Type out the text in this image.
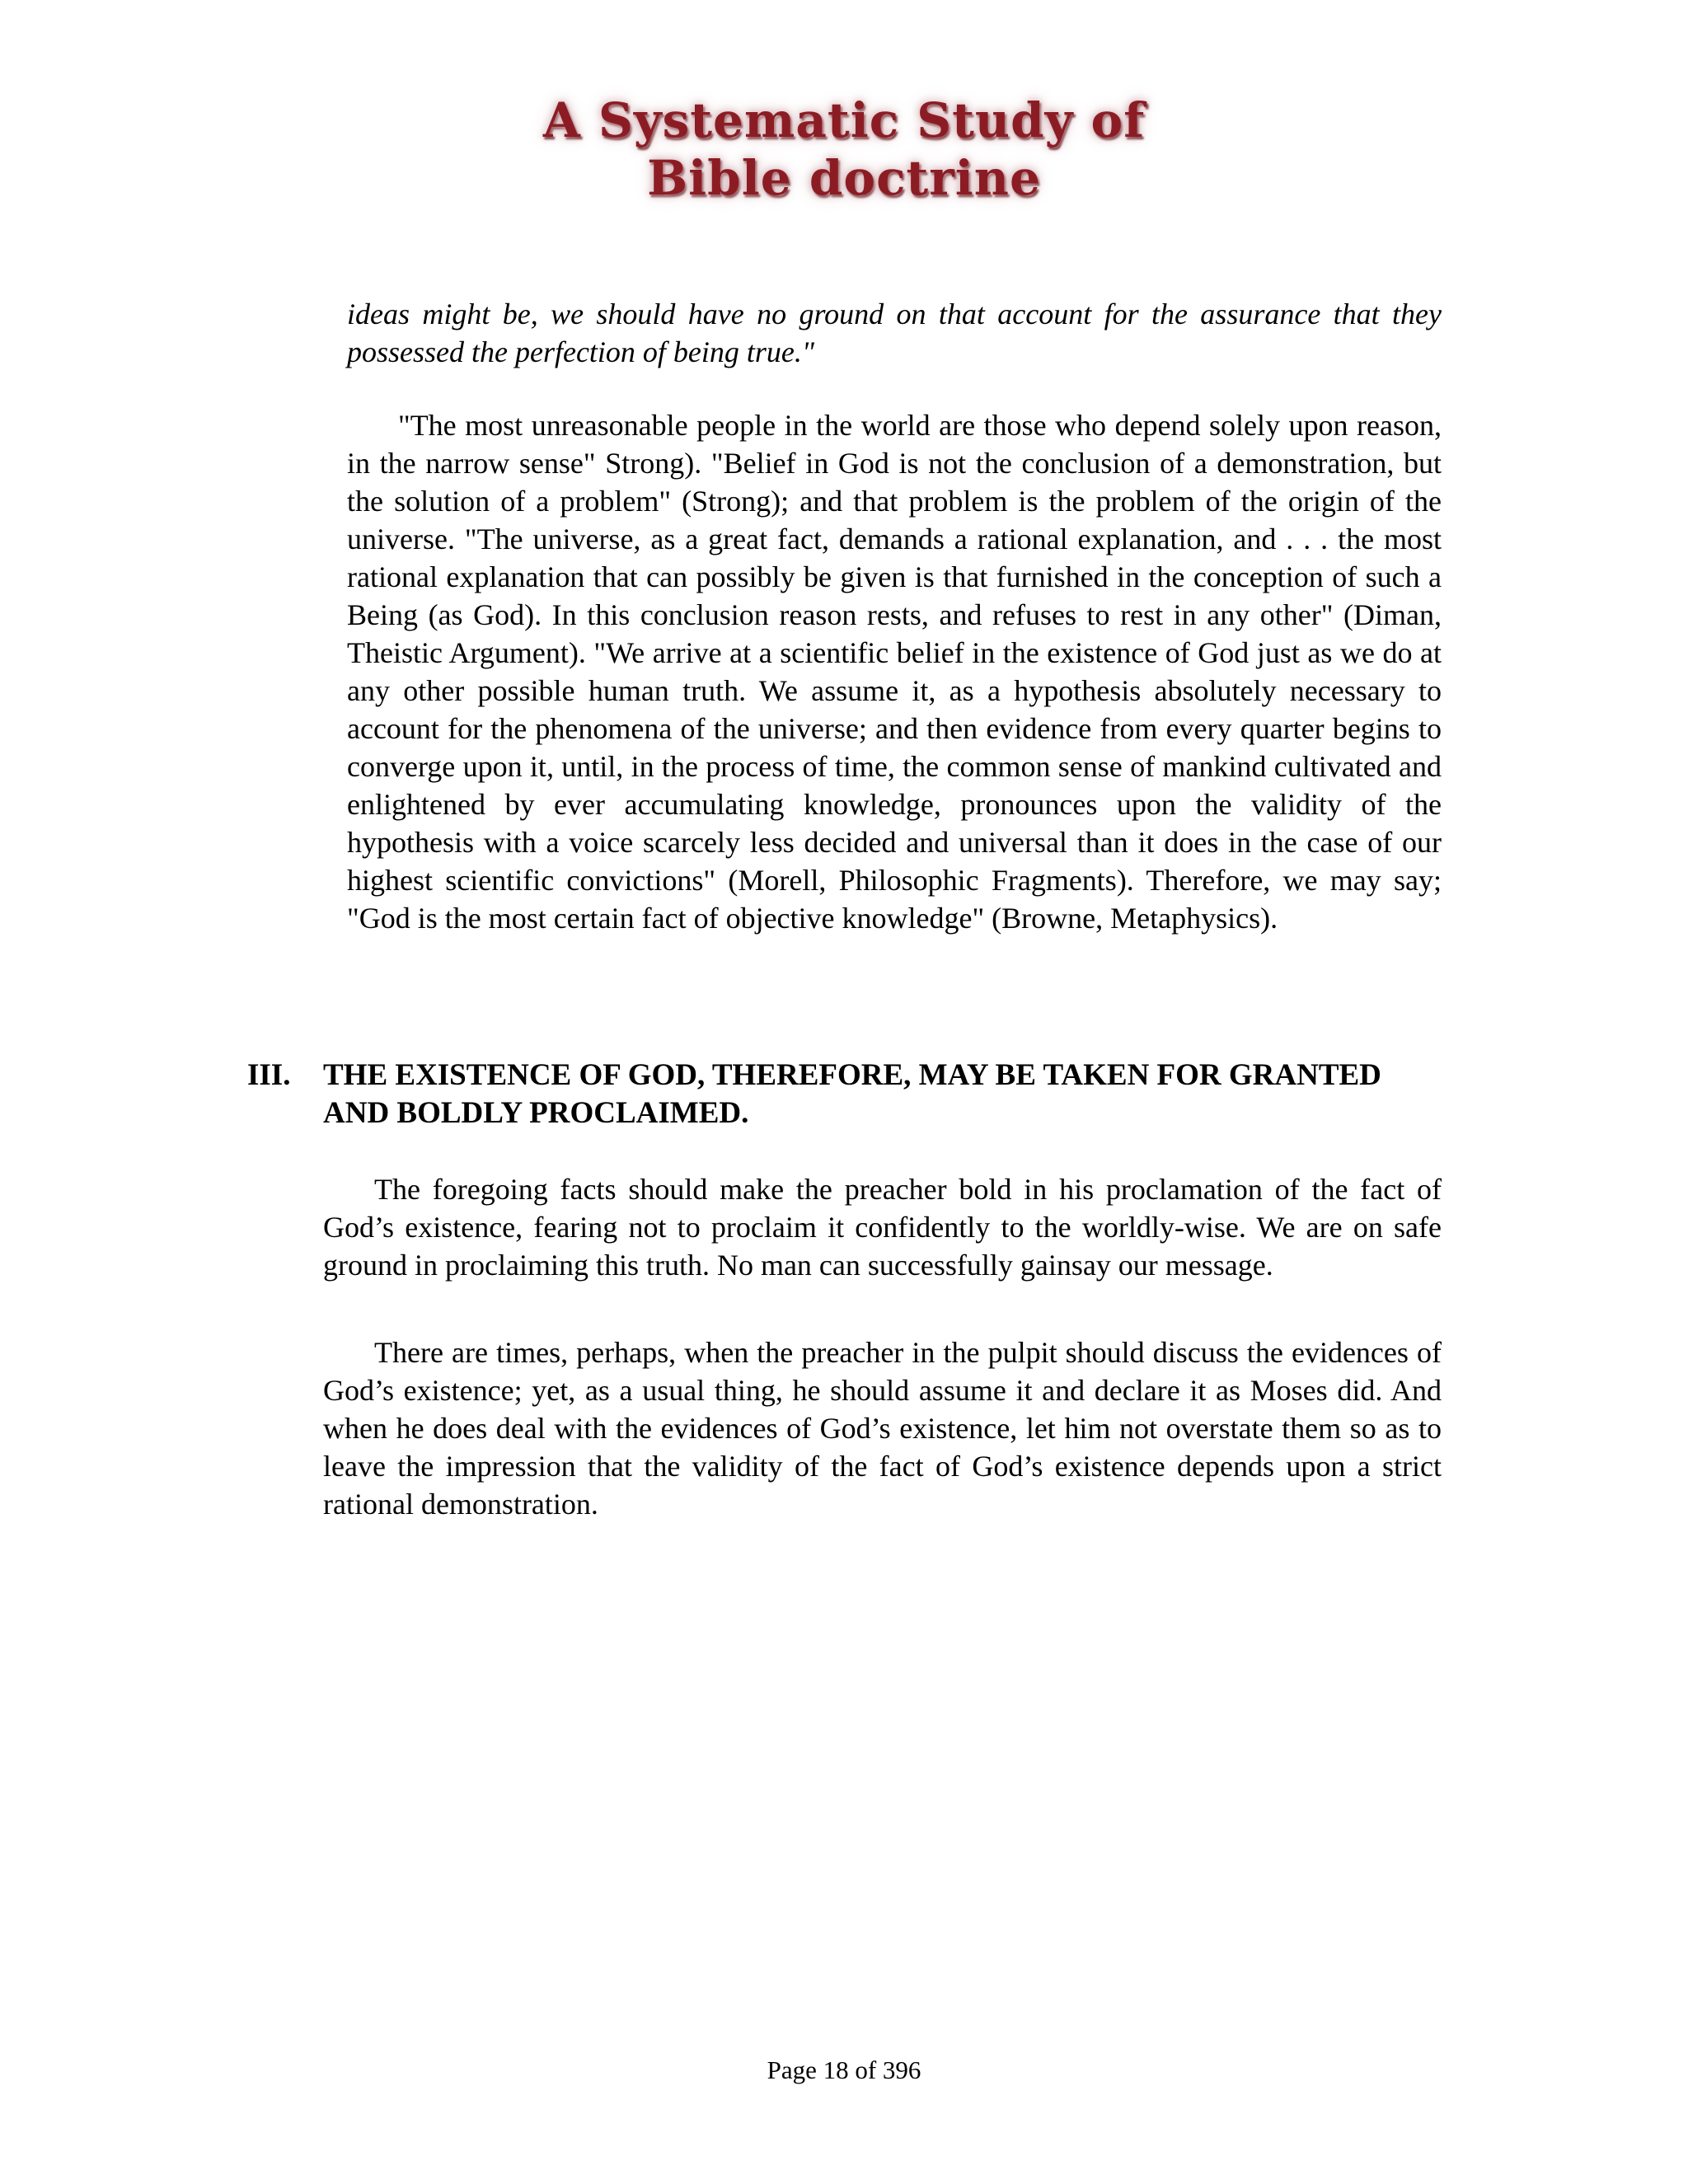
A Systematic Study of
Bible doctrine

ideas might be, we should have no ground on that account for the assurance that they possessed the perfection of being true."

"The most unreasonable people in the world are those who depend solely upon reason, in the narrow sense" Strong). "Belief in God is not the conclusion of a demonstration, but the solution of a problem" (Strong); and that problem is the problem of the origin of the universe. "The universe, as a great fact, demands a rational explanation, and . . . the most rational explanation that can possibly be given is that furnished in the conception of such a Being (as God). In this conclusion reason rests, and refuses to rest in any other" (Diman, Theistic Argument). "We arrive at a scientific belief in the existence of God just as we do at any other possible human truth. We assume it, as a hypothesis absolutely necessary to account for the phenomena of the universe; and then evidence from every quarter begins to converge upon it, until, in the process of time, the common sense of mankind cultivated and enlightened by ever accumulating knowledge, pronounces upon the validity of the hypothesis with a voice scarcely less decided and universal than it does in the case of our highest scientific convictions" (Morell, Philosophic Fragments). Therefore, we may say; "God is the most certain fact of objective knowledge" (Browne, Metaphysics).

III. THE EXISTENCE OF GOD, THEREFORE, MAY BE TAKEN FOR GRANTED AND BOLDLY PROCLAIMED.

The foregoing facts should make the preacher bold in his proclamation of the fact of God’s existence, fearing not to proclaim it confidently to the worldly-wise. We are on safe ground in proclaiming this truth. No man can successfully gainsay our message.

There are times, perhaps, when the preacher in the pulpit should discuss the evidences of God’s existence; yet, as a usual thing, he should assume it and declare it as Moses did. And when he does deal with the evidences of God’s existence, let him not overstate them so as to leave the impression that the validity of the fact of God’s existence depends upon a strict rational demonstration.

Page 18 of 396
